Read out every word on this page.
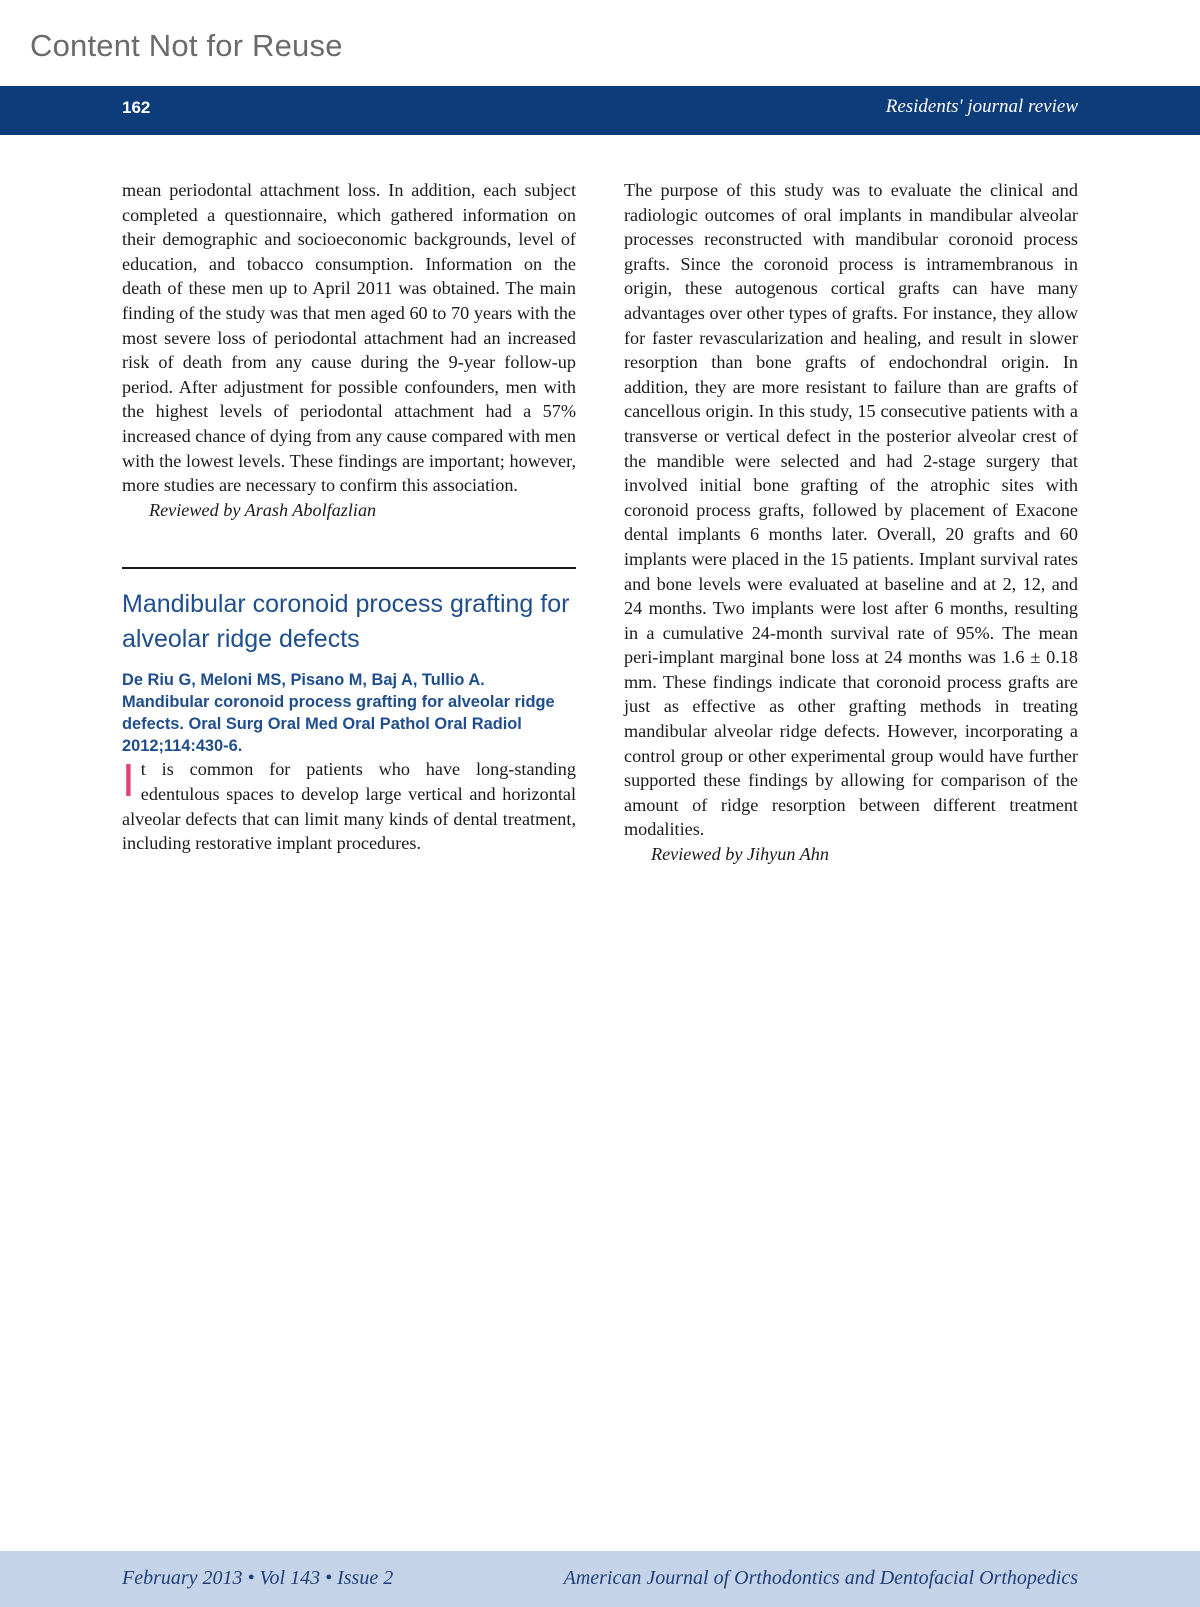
Content Not for Reuse
162	Residents' journal review

mean periodontal attachment loss. In addition, each subject completed a questionnaire, which gathered information on their demographic and socioeconomic backgrounds, level of education, and tobacco consumption. Information on the death of these men up to April 2011 was obtained. The main finding of the study was that men aged 60 to 70 years with the most severe loss of periodontal attachment had an increased risk of death from any cause during the 9-year follow-up period. After adjustment for possible confounders, men with the highest levels of periodontal attachment had a 57% increased chance of dying from any cause compared with men with the lowest levels. These findings are important; however, more studies are necessary to confirm this association.

Reviewed by Arash Abolfazlian

Mandibular coronoid process grafting for alveolar ridge defects

De Riu G, Meloni MS, Pisano M, Baj A, Tullio A. Mandibular coronoid process grafting for alveolar ridge defects. Oral Surg Oral Med Oral Pathol Oral Radiol 2012;114:430-6.

It is common for patients who have long-standing edentulous spaces to develop large vertical and horizontal alveolar defects that can limit many kinds of dental treatment, including restorative implant procedures.

The purpose of this study was to evaluate the clinical and radiologic outcomes of oral implants in mandibular alveolar processes reconstructed with mandibular coronoid process grafts. Since the coronoid process is intramembranous in origin, these autogenous cortical grafts can have many advantages over other types of grafts. For instance, they allow for faster revascularization and healing, and result in slower resorption than bone grafts of endochondral origin. In addition, they are more resistant to failure than are grafts of cancellous origin. In this study, 15 consecutive patients with a transverse or vertical defect in the posterior alveolar crest of the mandible were selected and had 2-stage surgery that involved initial bone grafting of the atrophic sites with coronoid process grafts, followed by placement of Exacone dental implants 6 months later. Overall, 20 grafts and 60 implants were placed in the 15 patients. Implant survival rates and bone levels were evaluated at baseline and at 2, 12, and 24 months. Two implants were lost after 6 months, resulting in a cumulative 24-month survival rate of 95%. The mean peri-implant marginal bone loss at 24 months was 1.6 ± 0.18 mm. These findings indicate that coronoid process grafts are just as effective as other grafting methods in treating mandibular alveolar ridge defects. However, incorporating a control group or other experimental group would have further supported these findings by allowing for comparison of the amount of ridge resorption between different treatment modalities.

Reviewed by Jihyun Ahn

February 2013 • Vol 143 • Issue 2	American Journal of Orthodontics and Dentofacial Orthopedics
